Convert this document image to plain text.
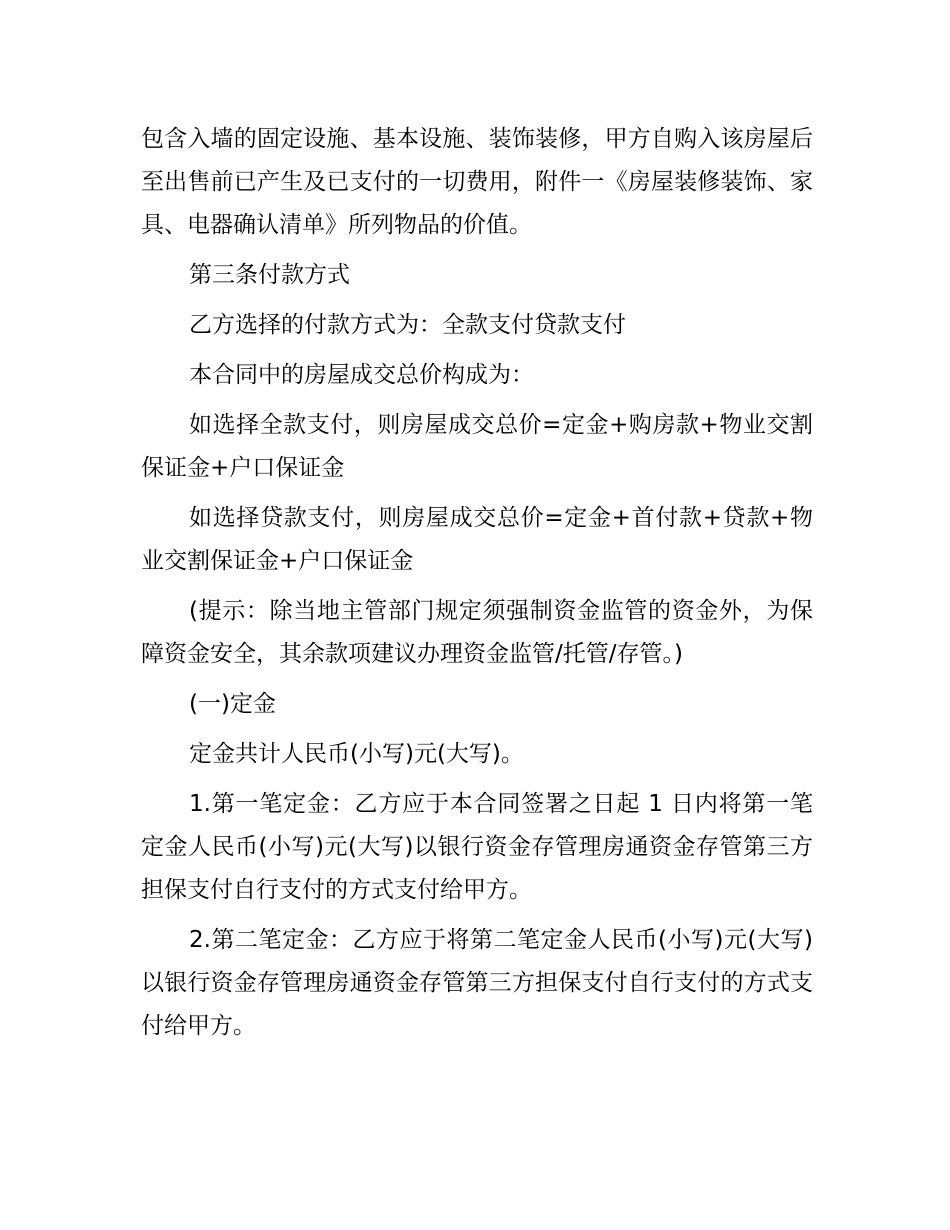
包含入墙的固定设施、基本设施、装饰装修，甲方自购入该房屋后至出售前已产生及已支付的一切费用，附件一《房屋装修装饰、家具、电器确认清单》所列物品的价值。

第三条付款方式

乙方选择的付款方式为：全款支付贷款支付

本合同中的房屋成交总价构成为：

如选择全款支付，则房屋成交总价=定金+购房款+物业交割保证金+户口保证金

如选择贷款支付，则房屋成交总价=定金+首付款+贷款+物业交割保证金+户口保证金

(提示：除当地主管部门规定须强制资金监管的资金外，为保障资金安全，其余款项建议办理资金监管/托管/存管。)

(一)定金

定金共计人民币(小写)元(大写)。

1.第一笔定金：乙方应于本合同签署之日起 1 日内将第一笔定金人民币(小写)元(大写)以银行资金存管理房通资金存管第三方担保支付自行支付的方式支付给甲方。

2.第二笔定金：乙方应于将第二笔定金人民币(小写)元(大写)以银行资金存管理房通资金存管第三方担保支付自行支付的方式支付给甲方。
